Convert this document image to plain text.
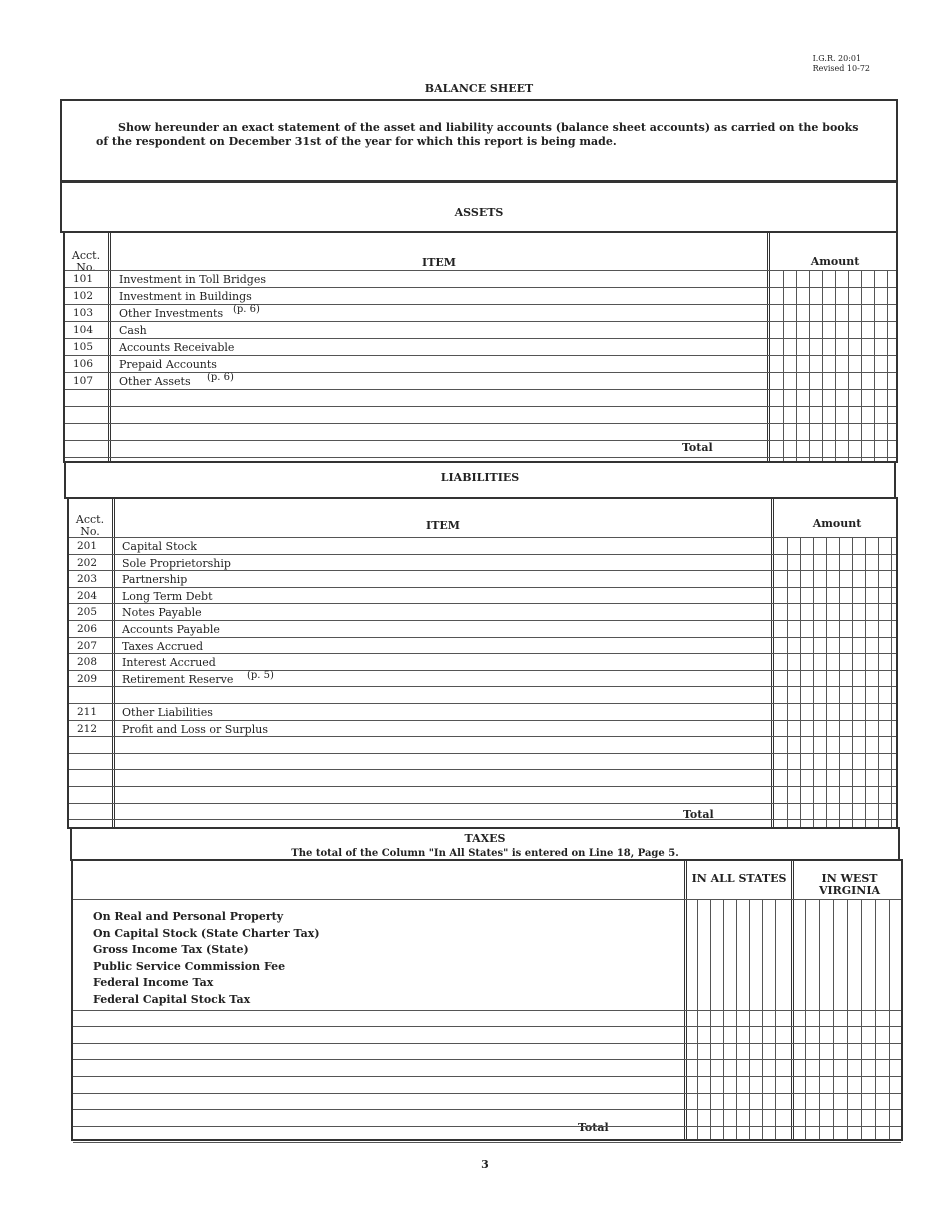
I.G.R. 20:01
Revised 10-72
BALANCE SHEET

Show hereunder an exact statement of the asset and liability accounts (balance sheet accounts) as carried on the books of the respondent on December 31st of the year for which this report is being made.

ASSETS
Acct. No.	ITEM	Amount
Total
101 Investment in Toll Bridges
102 Investment in Buildings
103 Other Investments (p. 6)
104 Cash
105 Accounts Receivable
106 Prepaid Accounts
107 Other Assets (p. 6)
LIABILITIES
Acct. No.	ITEM	Amount
Total
201 Capital Stock
202 Sole Proprietorship
203 Partnership
204 Long Term Debt
205 Notes Payable
206 Accounts Payable
207 Taxes Accrued
208 Interest Accrued
209 Retirement Reserve (p. 5)
211 Other Liabilities
212 Profit and Loss or Surplus
TAXES
The total of the Column "In All States" is entered on Line 18, Page 5.
IN ALL STATES	IN WEST VIRGINIA
Total
On Real and Personal Property
On Capital Stock (State Charter Tax)
Gross Income Tax (State)
Public Service Commission Fee
Federal Income Tax
Federal Capital Stock Tax
3
